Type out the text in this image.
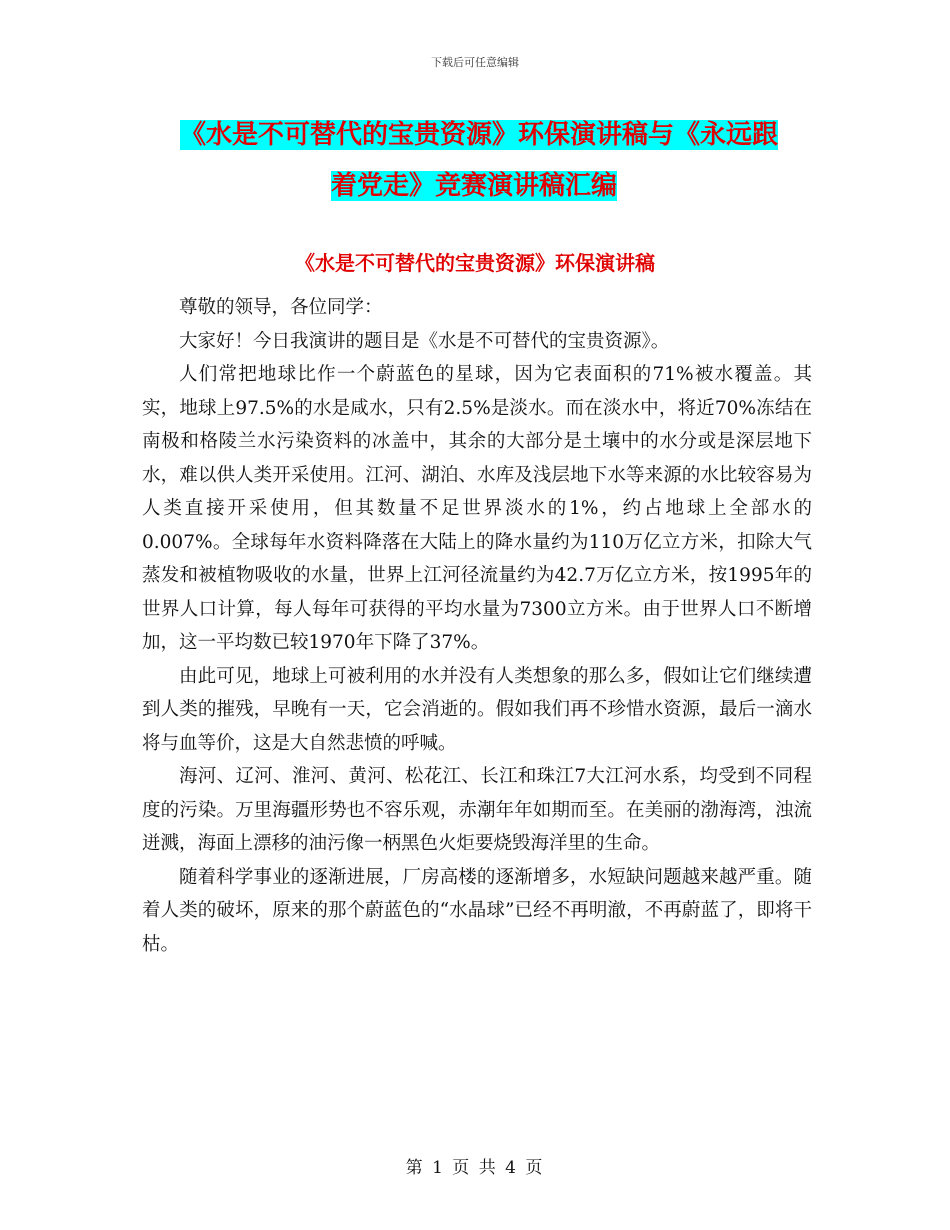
下载后可任意编辑
《水是不可替代的宝贵资源》环保演讲稿与《永远跟
着党走》竞赛演讲稿汇编
《水是不可替代的宝贵资源》环保演讲稿

尊敬的领导，各位同学：

大家好！今日我演讲的题目是《水是不可替代的宝贵资源》。

人们常把地球比作一个蔚蓝色的星球，因为它表面积的71%被水覆盖。其实，地球上97.5%的水是咸水，只有2.5%是淡水。而在淡水中，将近70%冻结在南极和格陵兰水污染资料的冰盖中，其余的大部分是土壤中的水分或是深层地下水，难以供人类开采使用。江河、湖泊、水库及浅层地下水等来源的水比较容易为人类直接开采使用，但其数量不足世界淡水的1%，约占地球上全部水的0.007%。全球每年水资料降落在大陆上的降水量约为110万亿立方米，扣除大气蒸发和被植物吸收的水量，世界上江河径流量约为42.7万亿立方米，按1995年的世界人口计算，每人每年可获得的平均水量为7300立方米。由于世界人口不断增加，这一平均数已较1970年下降了37%。

由此可见，地球上可被利用的水并没有人类想象的那么多，假如让它们继续遭到人类的摧残，早晚有一天，它会消逝的。假如我们再不珍惜水资源，最后一滴水将与血等价，这是大自然悲愤的呼喊。

海河、辽河、淮河、黄河、松花江、长江和珠江7大江河水系，均受到不同程度的污染。万里海疆形势也不容乐观，赤潮年年如期而至。在美丽的渤海湾，浊流迸溅，海面上漂移的油污像一柄黑色火炬要烧毁海洋里的生命。

随着科学事业的逐渐进展，厂房高楼的逐渐增多，水短缺问题越来越严重。随着人类的破坏，原来的那个蔚蓝色的“水晶球”已经不再明澈，不再蔚蓝了，即将干枯。

第 1 页 共 4 页
